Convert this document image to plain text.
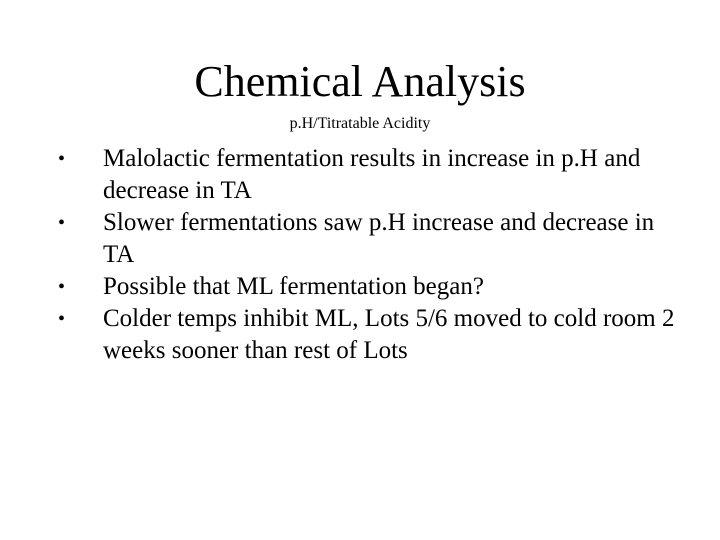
Chemical Analysis

p.H/Titratable Acidity

• Malolactic fermentation results in increase in p.H and decrease in TA
• Slower fermentations saw p.H increase and decrease in TA
• Possible that ML fermentation began?
• Colder temps inhibit ML, Lots 5/6 moved to cold room 2 weeks sooner than rest of Lots
